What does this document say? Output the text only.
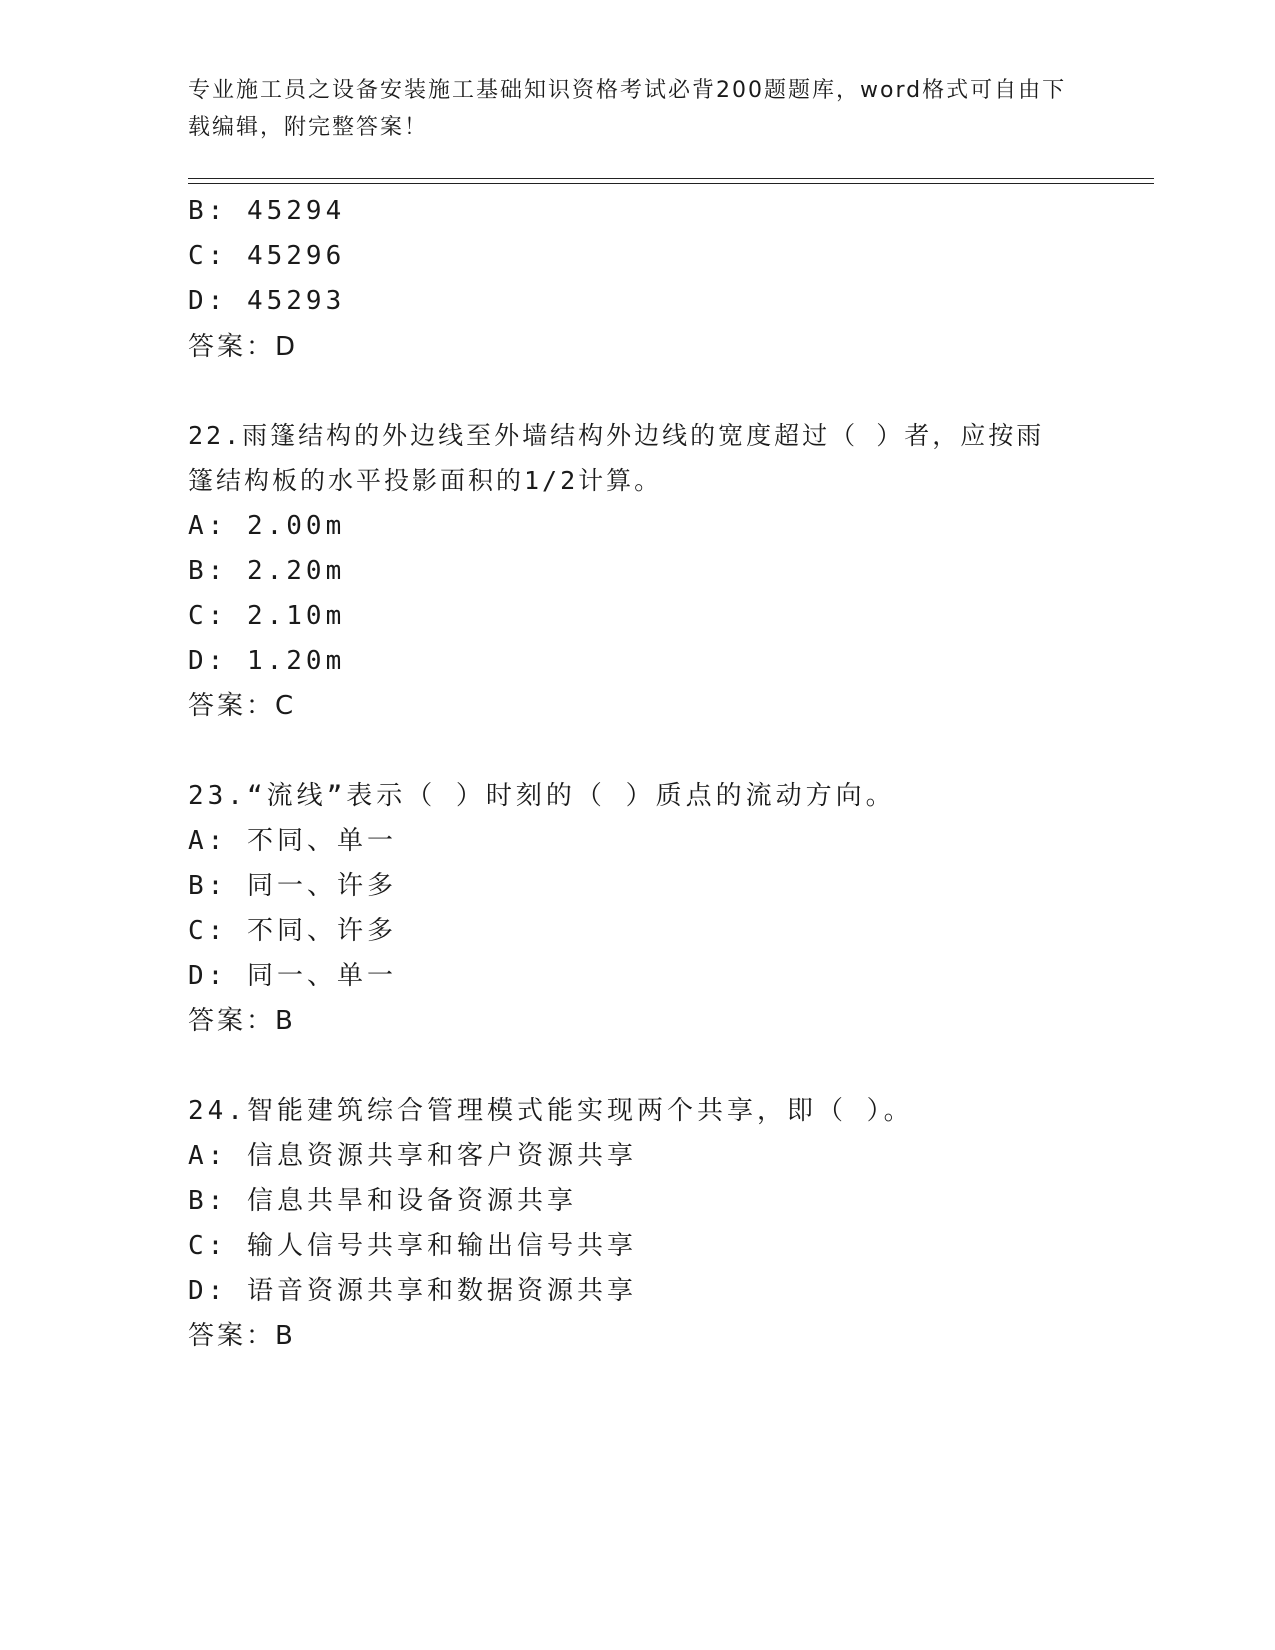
专业施工员之设备安装施工基础知识资格考试必背200题题库，word格式可自由下载编辑，附完整答案！
B: 45294
C: 45296
D: 45293
答案：D
22.雨篷结构的外边线至外墙结构外边线的宽度超过（ ）者，应按雨
篷结构板的水平投影面积的1/2计算。
A: 2.00m
B: 2.20m
C: 2.10m
D: 1.20m
答案：C
23.“流线”表示（ ）时刻的（ ）质点的流动方向。
A: 不同、单一
B: 同一、许多
C: 不同、许多
D: 同一、单一
答案：B
24.智能建筑综合管理模式能实现两个共享，即（ ）。
A: 信息资源共享和客户资源共享
B: 信息共旱和设备资源共享
C: 输人信号共享和输出信号共享
D: 语音资源共享和数据资源共享
答案：B
